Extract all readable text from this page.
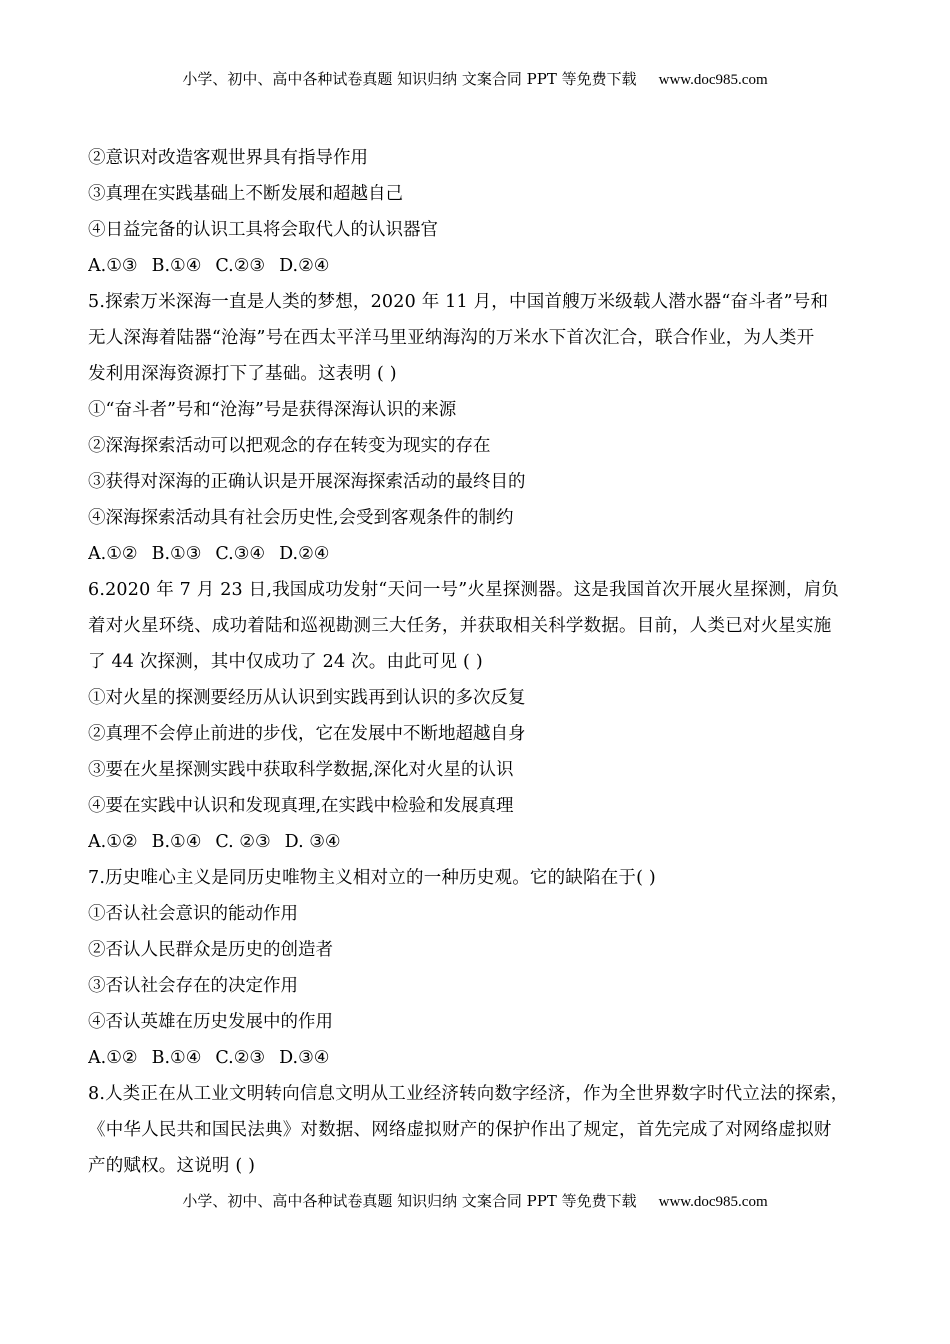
小学、初中、高中各种试卷真题 知识归纳 文案合同 PPT 等免费下载 www.doc985.com
②意识对改造客观世界具有指导作用
③真理在实践基础上不断发展和超越自己
④日益完备的认识工具将会取代人的认识器官
A.①③ B.①④ C.②③ D.②④
5.探索万米深海一直是人类的梦想，2020 年 11 月，中国首艘万米级载人潜水器“奋斗者”号和
无人深海着陆器“沧海”号在西太平洋马里亚纳海沟的万米水下首次汇合，联合作业，为人类开
发利用深海资源打下了基础。这表明 ( )
①“奋斗者”号和“沧海”号是获得深海认识的来源
②深海探索活动可以把观念的存在转变为现实的存在
③获得对深海的正确认识是开展深海探索活动的最终目的
④深海探索活动具有社会历史性,会受到客观条件的制约
A.①② B.①③ C.③④ D.②④
6.2020 年 7 月 23 日,我国成功发射“天问一号”火星探测器。这是我国首次开展火星探测，肩负
着对火星环绕、成功着陆和巡视勘测三大任务，并获取相关科学数据。目前，人类已对火星实施
了 44 次探测，其中仅成功了 24 次。由此可见 ( )
①对火星的探测要经历从认识到实践再到认识的多次反复
②真理不会停止前进的步伐，它在发展中不断地超越自身
③要在火星探测实践中获取科学数据,深化对火星的认识
④要在实践中认识和发现真理,在实践中检验和发展真理
A.①② B.①④ C. ②③ D. ③④
7.历史唯心主义是同历史唯物主义相对立的一种历史观。它的缺陷在于( )
①否认社会意识的能动作用
②否认人民群众是历史的创造者
③否认社会存在的决定作用
④否认英雄在历史发展中的作用
A.①② B.①④ C.②③ D.③④
8.人类正在从工业文明转向信息文明从工业经济转向数字经济，作为全世界数字时代立法的探索，
《中华人民共和国民法典》对数据、网络虚拟财产的保护作出了规定，首先完成了对网络虚拟财
产的赋权。这说明 ( )
小学、初中、高中各种试卷真题 知识归纳 文案合同 PPT 等免费下载 www.doc985.com
